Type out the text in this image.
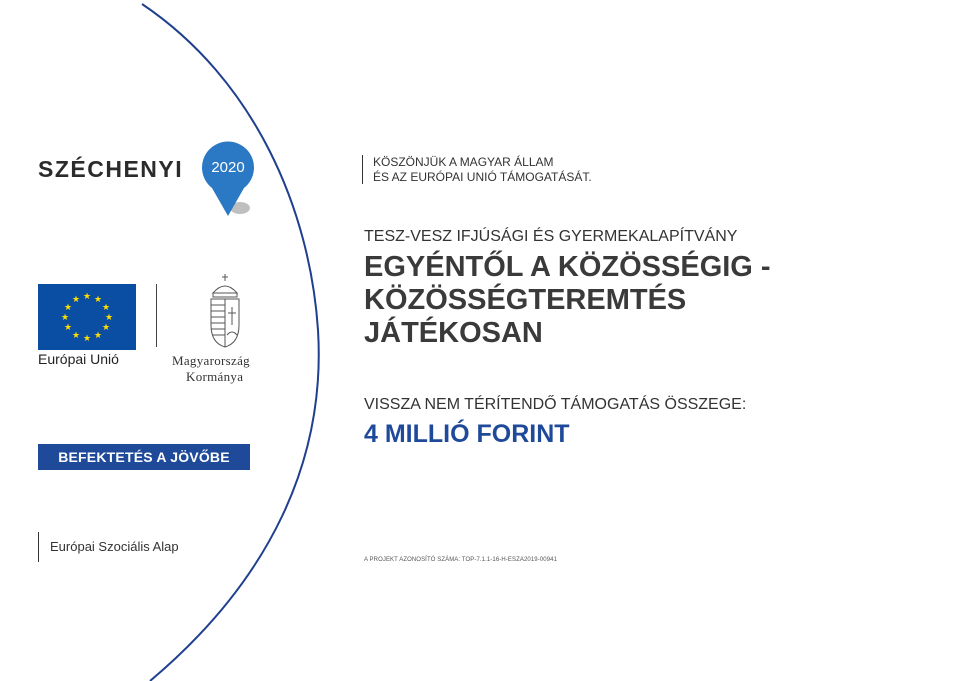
SZÉCHENYI 2020
★ ★
★
★
★
★
★
★
★
★
★
★
Európai Unió	Magyarország
Kormánya
BEFEKTETÉS A JÖVŐBE
Európai Szociális Alap
KÖSZÖNJÜK A MAGYAR ÁLLAM
ÉS AZ EURÓPAI UNIÓ TÁMOGATÁSÁT.
TESZ-VESZ IFJÚSÁGI ÉS GYERMEKALAPÍTVÁNY
EGYÉNTŐL A KÖZÖSSÉGIG -
KÖZÖSSÉGTEREMTÉS
JÁTÉKOSAN
VISSZA NEM TÉRÍTENDŐ TÁMOGATÁS ÖSSZEGE:
4 MILLIÓ FORINT
A PROJEKT AZONOSÍTÓ SZÁMA: TOP-7.1.1-16-H-ESZA2019-00941
